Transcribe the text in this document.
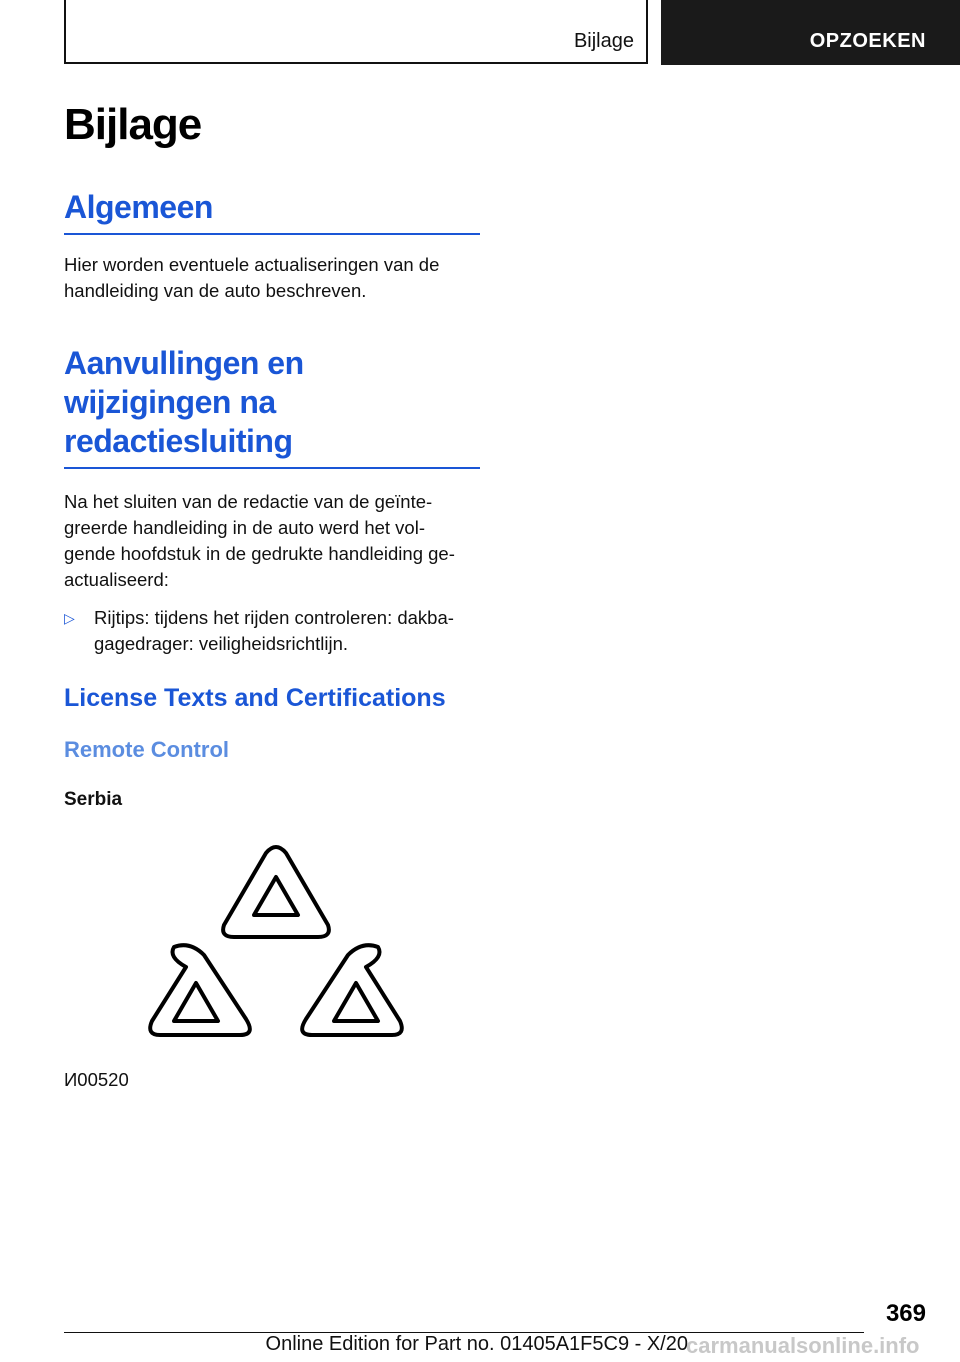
Bijlage	OPZOEKEN
Bijlage
Algemeen

Hier worden eventuele actualiseringen van de
handleiding van de auto beschreven.

Aanvullingen en
wijzigingen na
redactiesluiting

Na het sluiten van de redactie van de geïnte-
greerde handleiding in de auto werd het vol-
gende hoofdstuk in de gedrukte handleiding ge-
actualiseerd:

▷ Rijtips: tijdens het rijden controleren: dakba-
gagedrager: veiligheidsrichtlijn.
License Texts and Certifications
Remote Control
Serbia

И00520

369
Online Edition for Part no. 01405A1F5C9 - X/20
carmanualsonline.info
